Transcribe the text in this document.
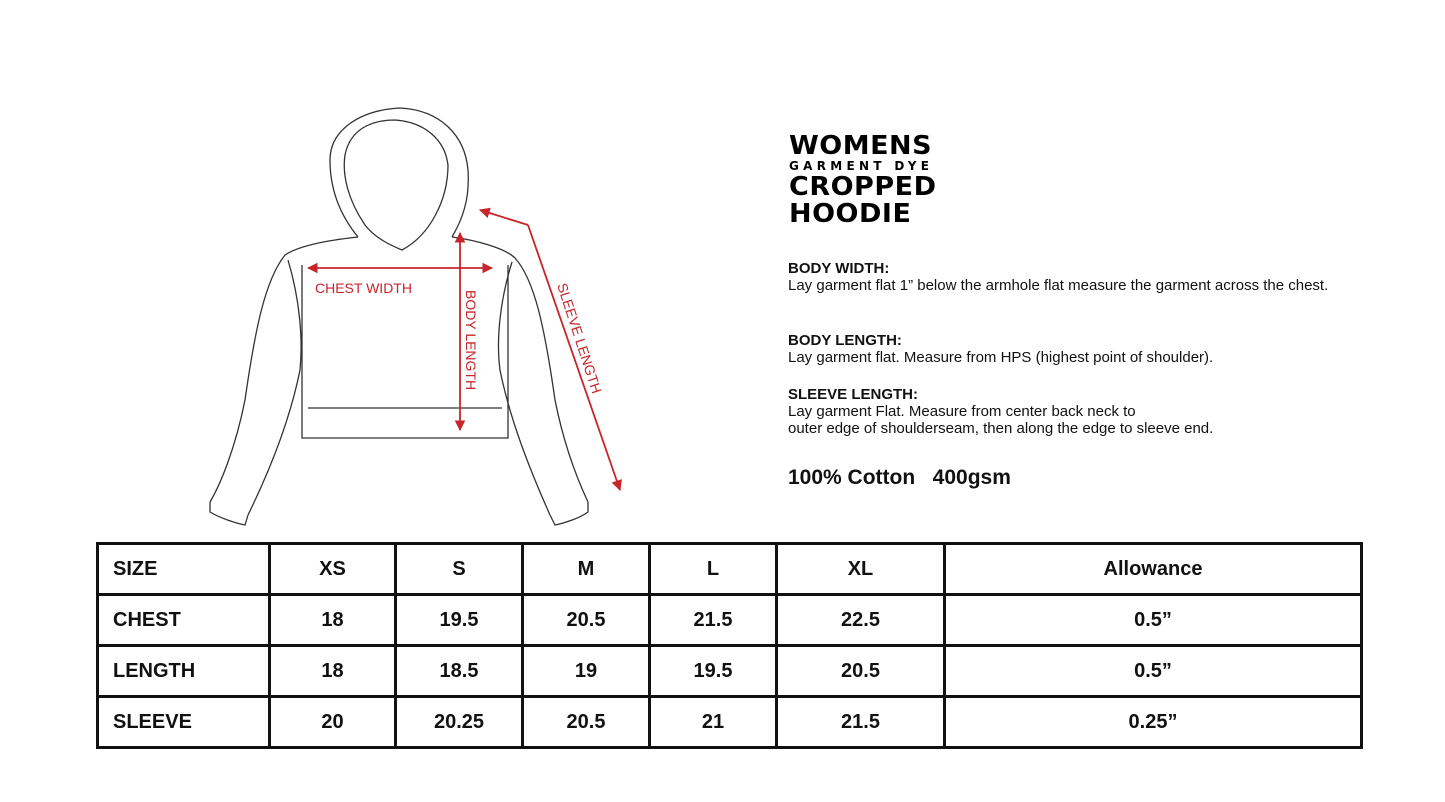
CHEST WIDTH
BODY LENGTH	SLEEVE LENGTH
WOMENS
GARMENT DYE
CROPPED
HOODIE
BODY WIDTH:
Lay garment flat 1” below the armhole flat measure the garment across the chest.
BODY LENGTH:
Lay garment flat. Measure from HPS (highest point of shoulder).
SLEEVE LENGTH:
Lay garment Flat. Measure from center back neck to
outer edge of shoulderseam, then along the edge to sleeve end.
100% Cotton   400gsm
SIZE	XS	S	M	L	XL	Allowance
CHEST	18	19.5	20.5	21.5	22.5	0.5”
LENGTH	18	18.5	19	19.5	20.5	0.5”
SLEEVE	20	20.25	20.5	21	21.5	0.25”
